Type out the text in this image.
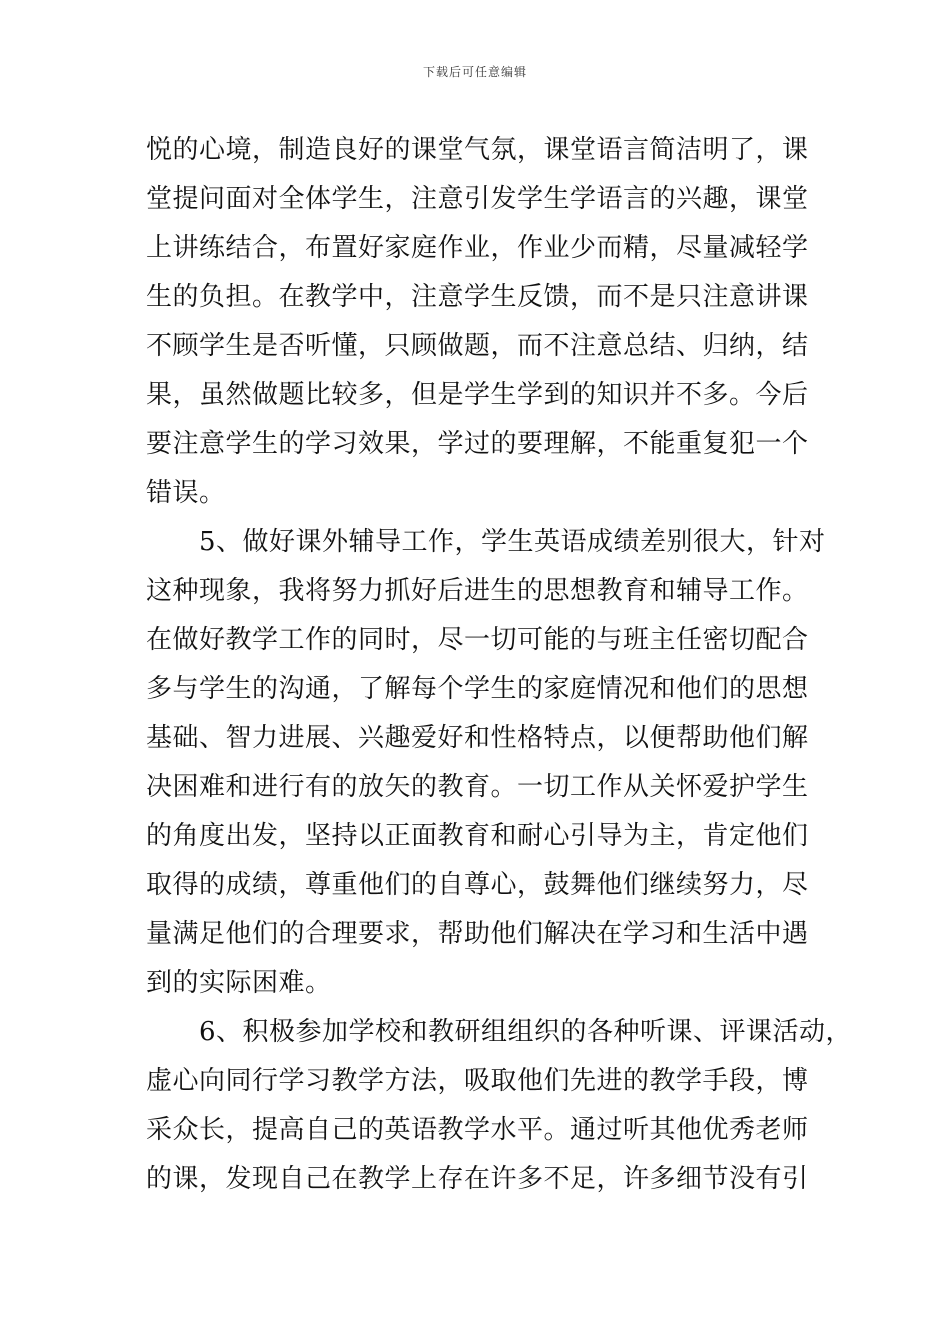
下载后可任意编辑
悦的心境，制造良好的课堂气氛，课堂语言简洁明了，课
堂提问面对全体学生，注意引发学生学语言的兴趣，课堂
上讲练结合，布置好家庭作业，作业少而精，尽量减轻学
生的负担。在教学中，注意学生反馈，而不是只注意讲课
不顾学生是否听懂，只顾做题，而不注意总结、归纳，结
果，虽然做题比较多，但是学生学到的知识并不多。今后
要注意学生的学习效果，学过的要理解，不能重复犯一个
错误。
　　5、做好课外辅导工作，学生英语成绩差别很大，针对
这种现象，我将努力抓好后进生的思想教育和辅导工作。
在做好教学工作的同时，尽一切可能的与班主任密切配合
多与学生的沟通，了解每个学生的家庭情况和他们的思想
基础、智力进展、兴趣爱好和性格特点，以便帮助他们解
决困难和进行有的放矢的教育。一切工作从关怀爱护学生
的角度出发，坚持以正面教育和耐心引导为主，肯定他们
取得的成绩，尊重他们的自尊心，鼓舞他们继续努力，尽
量满足他们的合理要求，帮助他们解决在学习和生活中遇
到的实际困难。
　　6、积极参加学校和教研组组织的各种听课、评课活动，
虚心向同行学习教学方法，吸取他们先进的教学手段，博
采众长，提高自己的英语教学水平。通过听其他优秀老师
的课，发现自己在教学上存在许多不足，许多细节没有引
